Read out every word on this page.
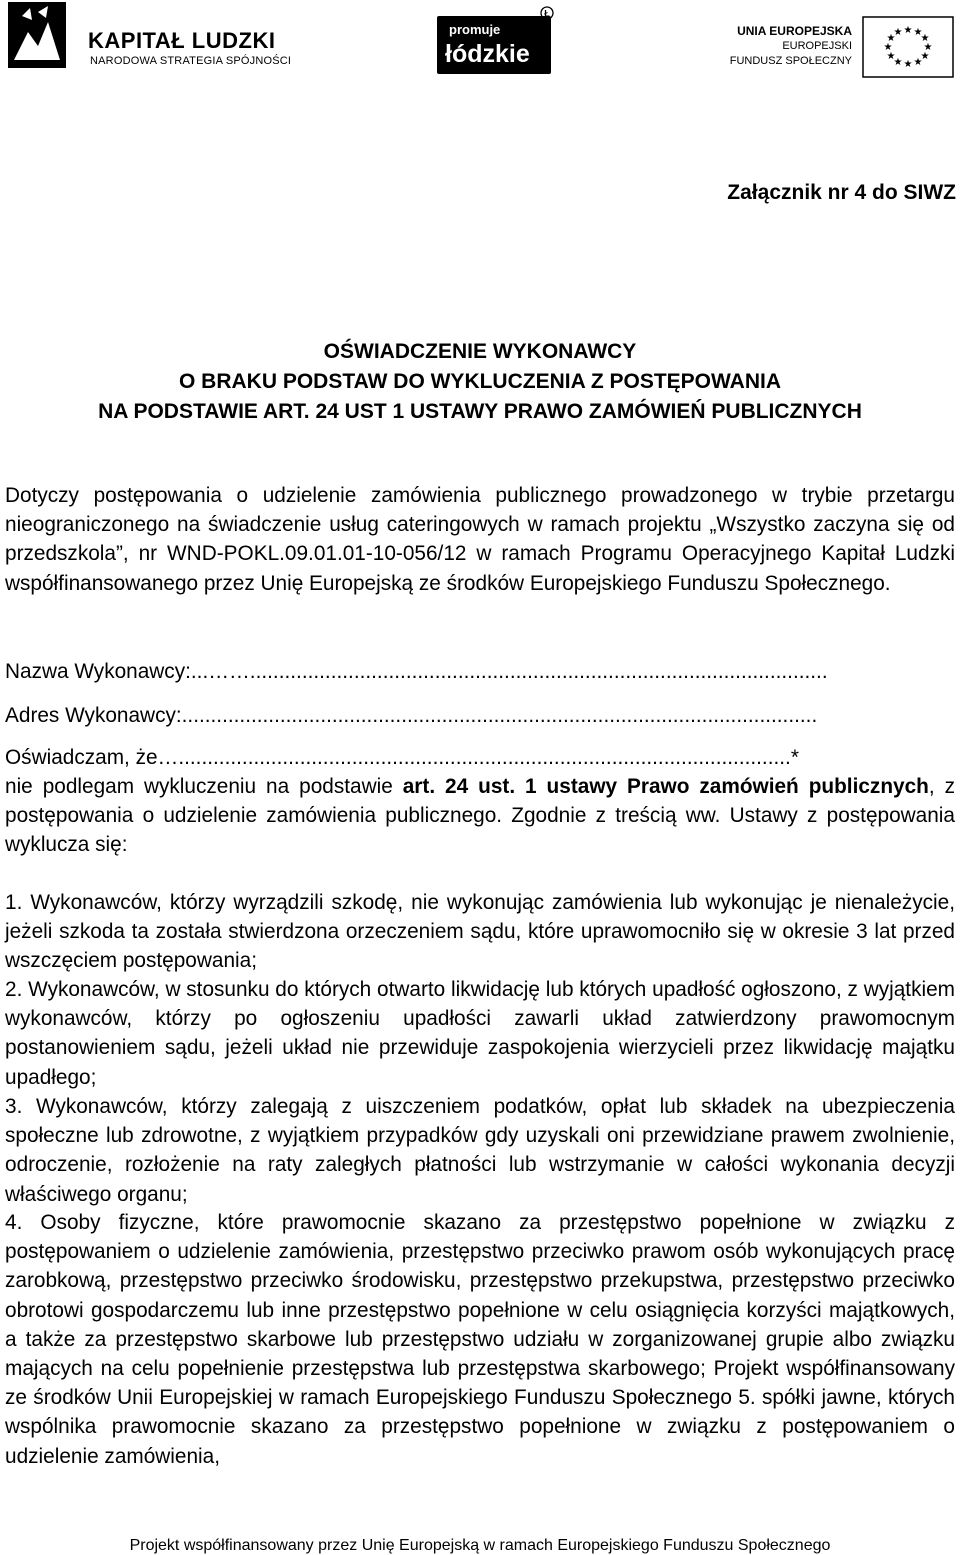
KAPITAŁ LUDZKI
NARODOWA STRATEGIA SPÓJNOŚCI
promuje
łódzkie
Ł
UNIA EUROPEJSKA
EUROPEJSKI
FUNDUSZ SPOŁECZNY
★ ★
★
★
★
★
★
★
★
★
★
★
Załącznik nr 4 do SIWZ
OŚWIADCZENIE WYKONAWCY
O BRAKU PODSTAW DO WYKLUCZENIA Z POSTĘPOWANIA
NA PODSTAWIE ART. 24 UST 1 USTAWY PRAWO ZAMÓWIEŃ PUBLICZNYCH
Dotyczy postępowania o udzielenie zamówienia publicznego prowadzonego w trybie przetargu nieograniczonego na świadczenie usług cateringowych w ramach projektu „Wszystko zaczyna się od przedszkola”, nr WND-POKL.09.01.01-10-056/12 w ramach Programu Operacyjnego Kapitał Ludzki współfinansowanego przez Unię Europejską ze środków Europejskiego Funduszu Społecznego.
Nazwa Wykonawcy:...……....................................................................................................
Adres Wykonawcy:..............................................................................................................
Oświadczam, że…..........................................................................................................*
nie podlegam wykluczeniu na podstawie art. 24 ust. 1 ustawy Prawo zamówień publicznych, z postępowania o udzielenie zamówienia publicznego. Zgodnie z treścią ww. Ustawy z postępowania wyklucza się:
1. Wykonawców, którzy wyrządzili szkodę, nie wykonując zamówienia lub wykonując je nienależycie, jeżeli szkoda ta została stwierdzona orzeczeniem sądu, które uprawomocniło się w okresie 3 lat przed wszczęciem postępowania;
2. Wykonawców, w stosunku do których otwarto likwidację lub których upadłość ogłoszono, z wyjątkiem wykonawców, którzy po ogłoszeniu upadłości zawarli układ zatwierdzony prawomocnym postanowieniem sądu, jeżeli układ nie przewiduje zaspokojenia wierzycieli przez likwidację majątku upadłego;
3. Wykonawców, którzy zalegają z uiszczeniem podatków, opłat lub składek na ubezpieczenia społeczne lub zdrowotne, z wyjątkiem przypadków gdy uzyskali oni przewidziane prawem zwolnienie, odroczenie, rozłożenie na raty zaległych płatności lub wstrzymanie w całości wykonania decyzji właściwego organu;
4. Osoby fizyczne, które prawomocnie skazano za przestępstwo popełnione w związku z postępowaniem o udzielenie zamówienia, przestępstwo przeciwko prawom osób wykonujących pracę zarobkową, przestępstwo przeciwko środowisku, przestępstwo przekupstwa, przestępstwo przeciwko obrotowi gospodarczemu lub inne przestępstwo popełnione w celu osiągnięcia korzyści majątkowych, a także za przestępstwo skarbowe lub przestępstwo udziału w zorganizowanej grupie albo związku mających na celu popełnienie przestępstwa lub przestępstwa skarbowego; Projekt współfinansowany ze środków Unii Europejskiej w ramach Europejskiego Funduszu Społecznego 5. spółki jawne, których wspólnika prawomocnie skazano za przestępstwo popełnione w związku z postępowaniem o udzielenie zamówienia,
Projekt współfinansowany przez Unię Europejską w ramach Europejskiego Funduszu Społecznego
